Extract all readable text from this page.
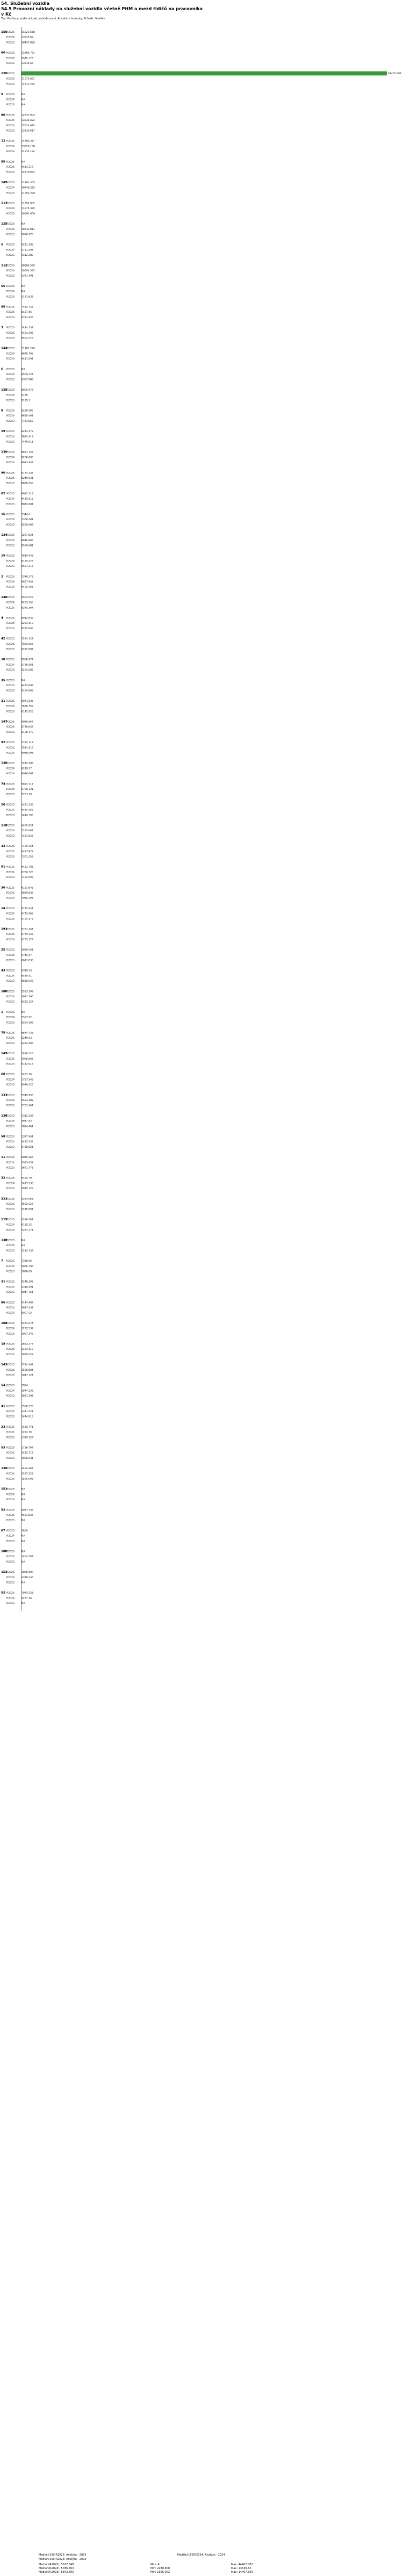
54. Služební vozidla
54.5 Provozní náklady na služební vozidla včetně PHM a mezd řidičů na pracovníka
v Kč
Typ: Počítaný podle otázek, Vyhodnocení: Absolutní hodnoty, Průměr: Medián
150
R2025	14223.558
R2024	13535.62
R2023	10457.859
60 R2025	12385.761
R2024	9545.378
R2023	13735.66
120
R2025	44402.002
R2024	11075.051
R2023	14311.425
9 R2025	NA
R2024	NA
R2023	NA
80 R2025	12637.904
R2024	13338.422
R2023	13674.625
R2023	13235.617
12 R2025	14763.237
R2024	13359.158
R2023	11912.134
55 R2025	NA
R2024	9414.216
R2023	12719.663
145
R2025	11861.405
R2024	10748.325
R2023	11992.298
113
R2025	11892.005
R2024	11275.325
R2023	10591.908
125
R2025	NA
R2024	10532.811
R2023	9920.478
5 R2025	9211.205
R2024	9751.294
R2023	9412.288
112
R2025	10286.539
R2024	10691.345
R2023	9341.491
56 R2025	NA
R2024	NA
R2023	9171.632
85 R2025	7432.727
R2024	8437.45
R2023	9713.255
3 R2025	7434.132
R2024	9424.295
R2023	8504.276
144
R2025	11181.229
R2024	8870.705
R2023	9411.091
6 R2025	NA
R2024	8569.724
R2023	9387.908
135
R2025	8905.572
R2024	9178
R2023	9195.2
8 R2025	8220.096
R2024	8858.461
R2023	7753.852
19 R2025	8443.172
R2024	7882.914
R2023	7449.911
130
R2025	8881.142
R2024	9268.698
R2023	8933.944
90 R2025	8774.335
R2024	8249.941
R2023	8836.455
62 R2025	8942.214
R2024	8415.516
R2023	8844.081
16 R2025	7344.6
R2024	7369.281
R2023	8560.099
134
R2025	1237.624
R2024	8640.905
R2023	8560.681
15 R2025	7819.443
R2024	8125.475
R2023	8537.217
2 R2025	7376.373
R2024	6857.944
R2023	8405.183
140
R2025	8564.623
R2024	9283.258
R2023	8375.364
4 R2025	6912.649
R2024	8234.413
R2023	8235.605
42 R2025	7274.127
R2024	7984.065
R2023	8222.087
10 R2025	8968.477
R2024	5738.581
R2023	8204.005
35 R2025	NA
R2024	8473.699
R2023	8184.605
21 R2025	6971.535
R2024	7638.359
R2023	8142.926
147
R2025	8089.567
R2024	8786.643
R2023	8130.173
92 R2025	5714.118
R2024	7541.415
R2023	8088.098
130
R2025	7444.183
R2024	8219.27
R2023	8016.692
74 R2025	6824.717
R2024	5780.121
R2023	7763.79
26 R2025	5481.235
R2024	5454.452
R2023	7444.393
118
R2025	6432.624
R2024	7125.603
R2023	7423.822
33 R2025	7199.354
R2024	6487.873
R2023	7301.353
51 R2025	6422.785
R2024	6756.726
R2023	7124.093
30 R2025	6131.645
R2024	6839.836
R2023	7015.297
14 R2025	6145.641
R2024	6772.965
R2023	6794.177
191
R2025	6721.344
R2024	6769.147
R2023	6755.179
25 R2025	2929.541
R2024	5745.47
R2023	6691.835
43 R2025	4310.13
R2024	6449.41
R2023	6656.922
180
R2025	2533.299
R2024	5911.396
R2023	6282.127
1 R2025	NA
R2024	5507.22
R2023	6264.269
75 R2025	6644.736
R2024	6249.04
R2023	6222.496
145
R2025	5856.125
R2024	5960.665
R2023	6142.913
68 R2025	5487.16
R2024	3787.543
R2023	6076.125
131
R2025	5549.956
R2024	5533.482
R2023	5751.264
136
R2025	5342.248
R2024	5947.42
R2023	5824.461
58 R2025	2377.941
R2024	4413.534
R2023	5758.624
11 R2025	6015.265
R2024	3543.652
R2023	5691.773
32 R2025	6425.79
R2024	5473.533
R2023	5645.729
321
R2025	5343.063
R2024	4582.527
R2023	5440.961
115
R2025	6248.781
R2024	6185.32
R2023	5217.271
138
R2025	NA
R2024	NA
R2023	5212.339
7 R2025	7336.96
R2024	5066.796
R2023	5090.09
31 R2025	4248.202
R2024	2318.591
R2023	5047.761
86 R2025	4144.487
R2024	3927.432
R2023	5007.13
108
R2025	5274.074
R2024	3252.532
R2023	2967.342
18 R2025	2662.377
R2024	2404.413
R2023	2950.228
141
R2025	3724.462
R2024	3506.804
R2023	3041.124
54 R2025	1924
R2024	2844.236
R2023	2621.294
41 R2025	3500.376
R2024	3311.221
R2023	2444.813
23 R2025	3426.771
R2024	3222.76
R2023	2329.129
53 R2025	2756.707
R2024	3412.713
R2023	1906.031
136
R2025	1434.264
R2024	2287.224
R2023	1595.002
151
R2025	NA
R2024	NA
R2023	NA
52 R2025	6037.736
R2024	9563.845
R2023	NA
67 R2025	1860
R2024	NA
R2023	NA
100
R2025	NA
R2024	2464.702
R2023	NA
153
R2025	3886.509
R2024	4378.236
R2023	NA
52 R2025	7942.025
R2024	9431.16
R2023	NA
Medián(150)R2025: Analýza - 2025	Medián(150)R2024: Analýza - 2024
Medián(150)R2023: Analýza - 2023
Medián(R2025): 5627.848	Max: 4	Max: 44402.002
Medián(R2024): 5786.663	Min: 2288.808	Max: 13535.62
Medián(R2023): 5842.595	Min: 1595.002	Max: 14407.659
